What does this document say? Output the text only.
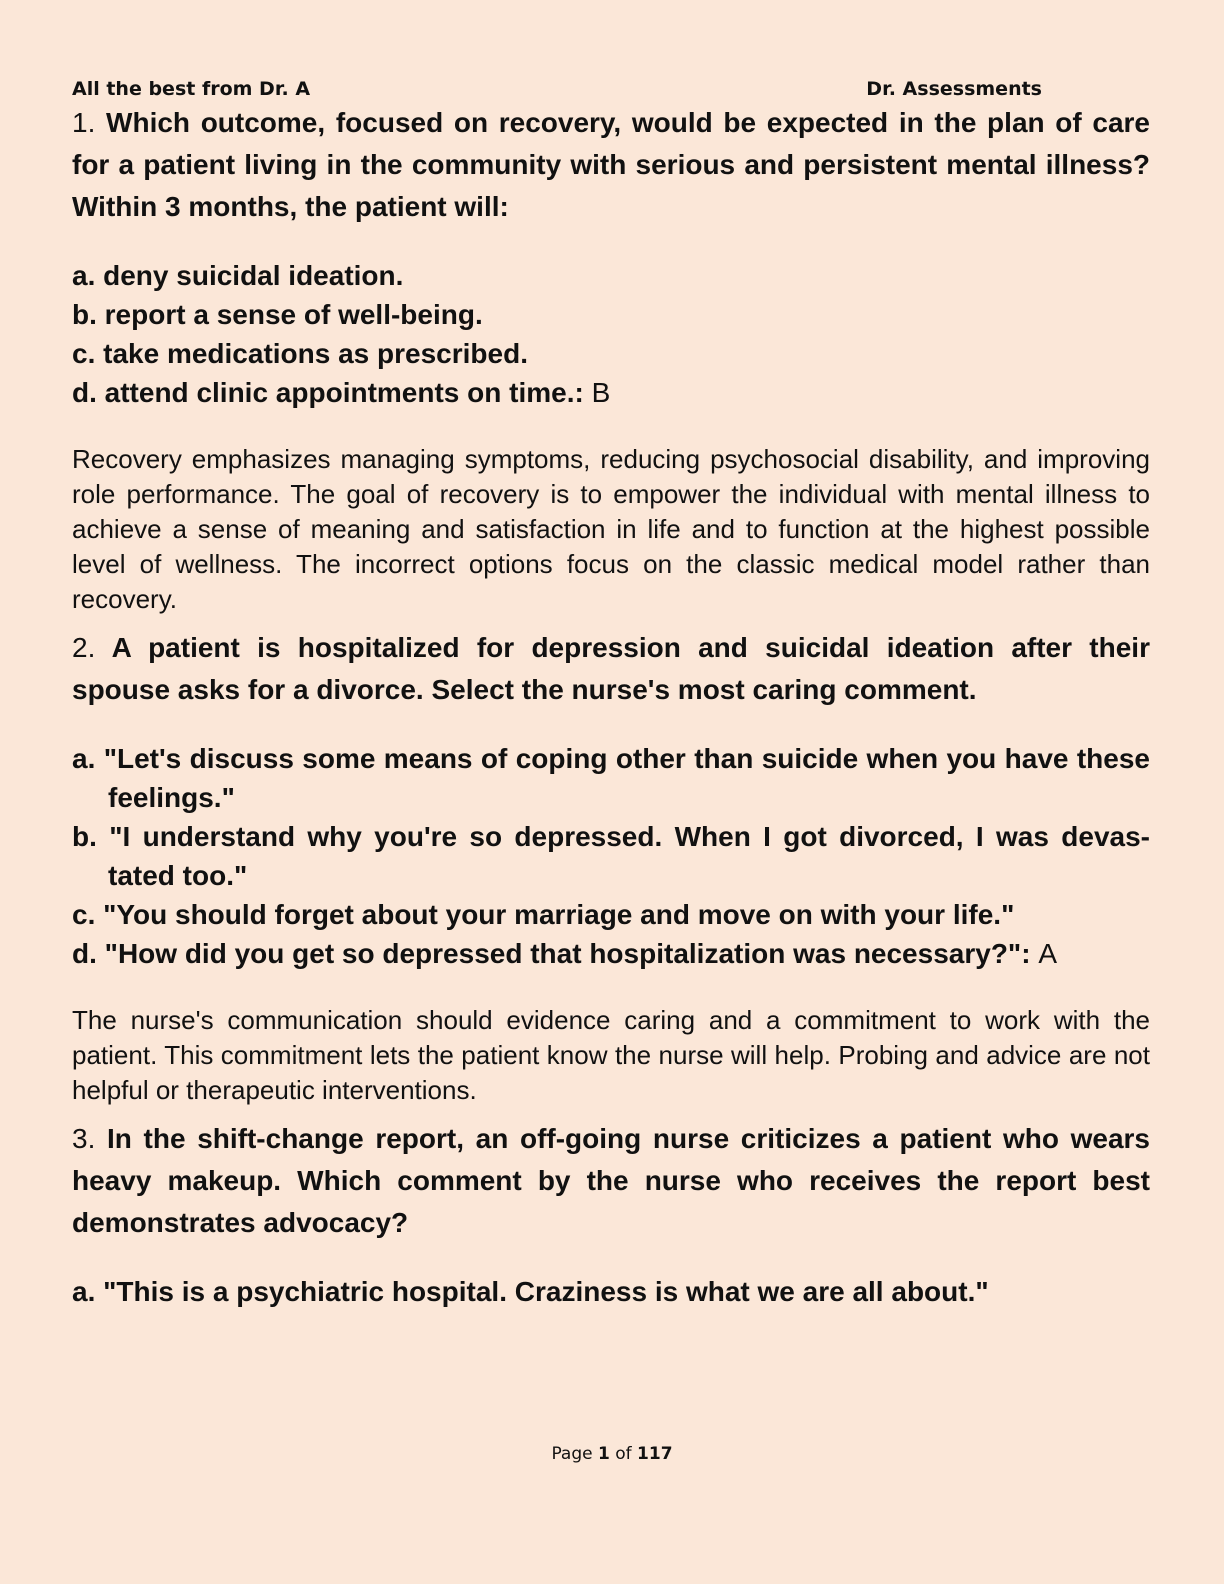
All the best from Dr. A	Dr. Assessments

1. Which outcome, focused on recovery, would be expected in the plan of care for a patient living in the community with serious and persistent mental illness? Within 3 months, the patient will:

a. deny suicidal ideation.
b. report a sense of well-being.
c. take medications as prescribed.
d. attend clinic appointments on time.: B

Recovery emphasizes managing symptoms, reducing psychosocial disability, and improving role performance. The goal of recovery is to empower the individual with mental illness to achieve a sense of meaning and satisfaction in life and to function at the highest possible level of wellness. The incorrect options focus on the classic medical model rather than recovery.

2. A patient is hospitalized for depression and suicidal ideation after their spouse asks for a divorce. Select the nurse's most caring comment.

a. "Let's discuss some means of coping other than suicide when you have these feelings."
b. "I understand why you're so depressed. When I got divorced, I was devas-tated too."
c. "You should forget about your marriage and move on with your life."
d. "How did you get so depressed that hospitalization was necessary?": A

The nurse's communication should evidence caring and a commitment to work with the patient. This commitment lets the patient know the nurse will help. Probing and advice are not helpful or therapeutic interventions.

3. In the shift-change report, an off-going nurse criticizes a patient who wears heavy makeup. Which comment by the nurse who receives the report best demonstrates advocacy?

a. "This is a psychiatric hospital. Craziness is what we are all about."
Page 1 of 117
